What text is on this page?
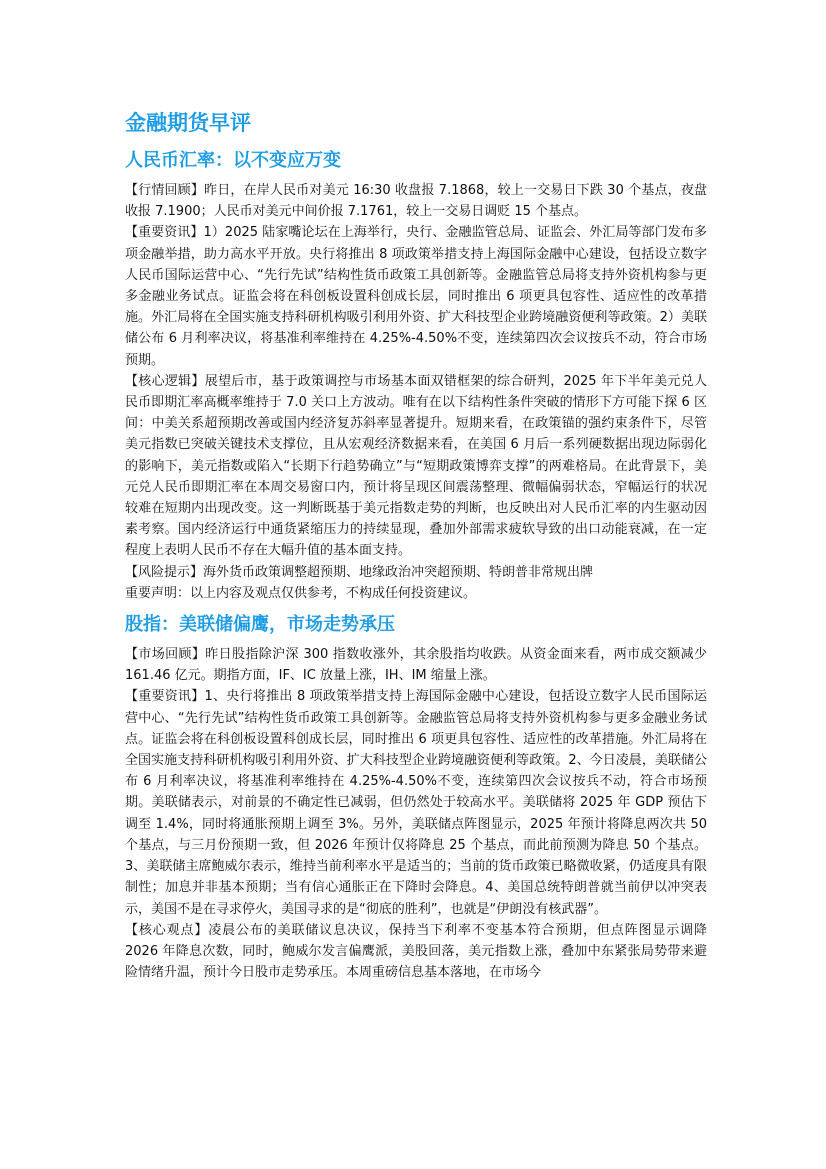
金融期货早评
人民币汇率：以不变应万变

【行情回顾】昨日，在岸人民币对美元 16:30 收盘报 7.1868，较上一交易日下跌 30 个基点，夜盘收报 7.1900；人民币对美元中间价报 7.1761，较上一交易日调贬 15 个基点。

【重要资讯】1）2025 陆家嘴论坛在上海举行，央行、金融监管总局、证监会、外汇局等部门发布多项金融举措，助力高水平开放。央行将推出 8 项政策举措支持上海国际金融中心建设，包括设立数字人民币国际运营中心、“先行先试”结构性货币政策工具创新等。金融监管总局将支持外资机构参与更多金融业务试点。证监会将在科创板设置科创成长层，同时推出 6 项更具包容性、适应性的改革措施。外汇局将在全国实施支持科研机构吸引利用外资、扩大科技型企业跨境融资便利等政策。2）美联储公布 6 月利率决议，将基准利率维持在 4.25%-4.50%不变，连续第四次会议按兵不动，符合市场预期。

【核心逻辑】展望后市，基于政策调控与市场基本面双错框架的综合研判，2025 年下半年美元兑人民币即期汇率高概率维持于 7.0 关口上方波动。唯有在以下结构性条件突破的情形下方可能下探 6 区间：中美关系超预期改善或国内经济复苏斜率显著提升。短期来看，在政策锚的强约束条件下，尽管美元指数已突破关键技术支撑位，且从宏观经济数据来看，在美国 6 月后一系列硬数据出现边际弱化的影响下，美元指数或陷入“长期下行趋势确立”与“短期政策博弈支撑”的两难格局。在此背景下，美元兑人民币即期汇率在本周交易窗口内，预计将呈现区间震荡整理、微幅偏弱状态，窄幅运行的状况较难在短期内出现改变。这一判断既基于美元指数走势的判断，也反映出对人民币汇率的内生驱动因素考察。国内经济运行中通货紧缩压力的持续显现，叠加外部需求疲软导致的出口动能衰减，在一定程度上表明人民币不存在大幅升值的基本面支持。

【风险提示】海外货币政策调整超预期、地缘政治冲突超预期、特朗普非常规出牌

重要声明：以上内容及观点仅供参考，不构成任何投资建议。

股指：美联储偏鹰，市场走势承压

【市场回顾】昨日股指除沪深 300 指数收涨外，其余股指均收跌。从资金面来看，两市成交额减少 161.46 亿元。期指方面，IF、IC 放量上涨，IH、IM 缩量上涨。

【重要资讯】1、央行将推出 8 项政策举措支持上海国际金融中心建设，包括设立数字人民币国际运营中心、“先行先试”结构性货币政策工具创新等。金融监管总局将支持外资机构参与更多金融业务试点。证监会将在科创板设置科创成长层，同时推出 6 项更具包容性、适应性的改革措施。外汇局将在全国实施支持科研机构吸引利用外资、扩大科技型企业跨境融资便利等政策。2、今日凌晨，美联储公布 6 月利率决议，将基准利率维持在 4.25%-4.50%不变，连续第四次会议按兵不动，符合市场预期。美联储表示，对前景的不确定性已减弱，但仍然处于较高水平。美联储将 2025 年 GDP 预估下调至 1.4%，同时将通胀预期上调至 3%。另外，美联储点阵图显示，2025 年预计将降息两次共 50 个基点，与三月份预期一致，但 2026 年预计仅将降息 25 个基点，而此前预测为降息 50 个基点。3、美联储主席鲍威尔表示，维持当前利率水平是适当的；当前的货币政策已略微收紧，仍适度具有限制性；加息并非基本预期；当有信心通胀正在下降时会降息。4、美国总统特朗普就当前伊以冲突表示，美国不是在寻求停火，美国寻求的是“彻底的胜利”，也就是“伊朗没有核武器”。

【核心观点】凌晨公布的美联储议息决议，保持当下利率不变基本符合预期，但点阵图显示调降 2026 年降息次数，同时，鲍威尔发言偏鹰派，美股回落，美元指数上涨，叠加中东紧张局势带来避险情绪升温，预计今日股市走势承压。本周重磅信息基本落地，在市场今
